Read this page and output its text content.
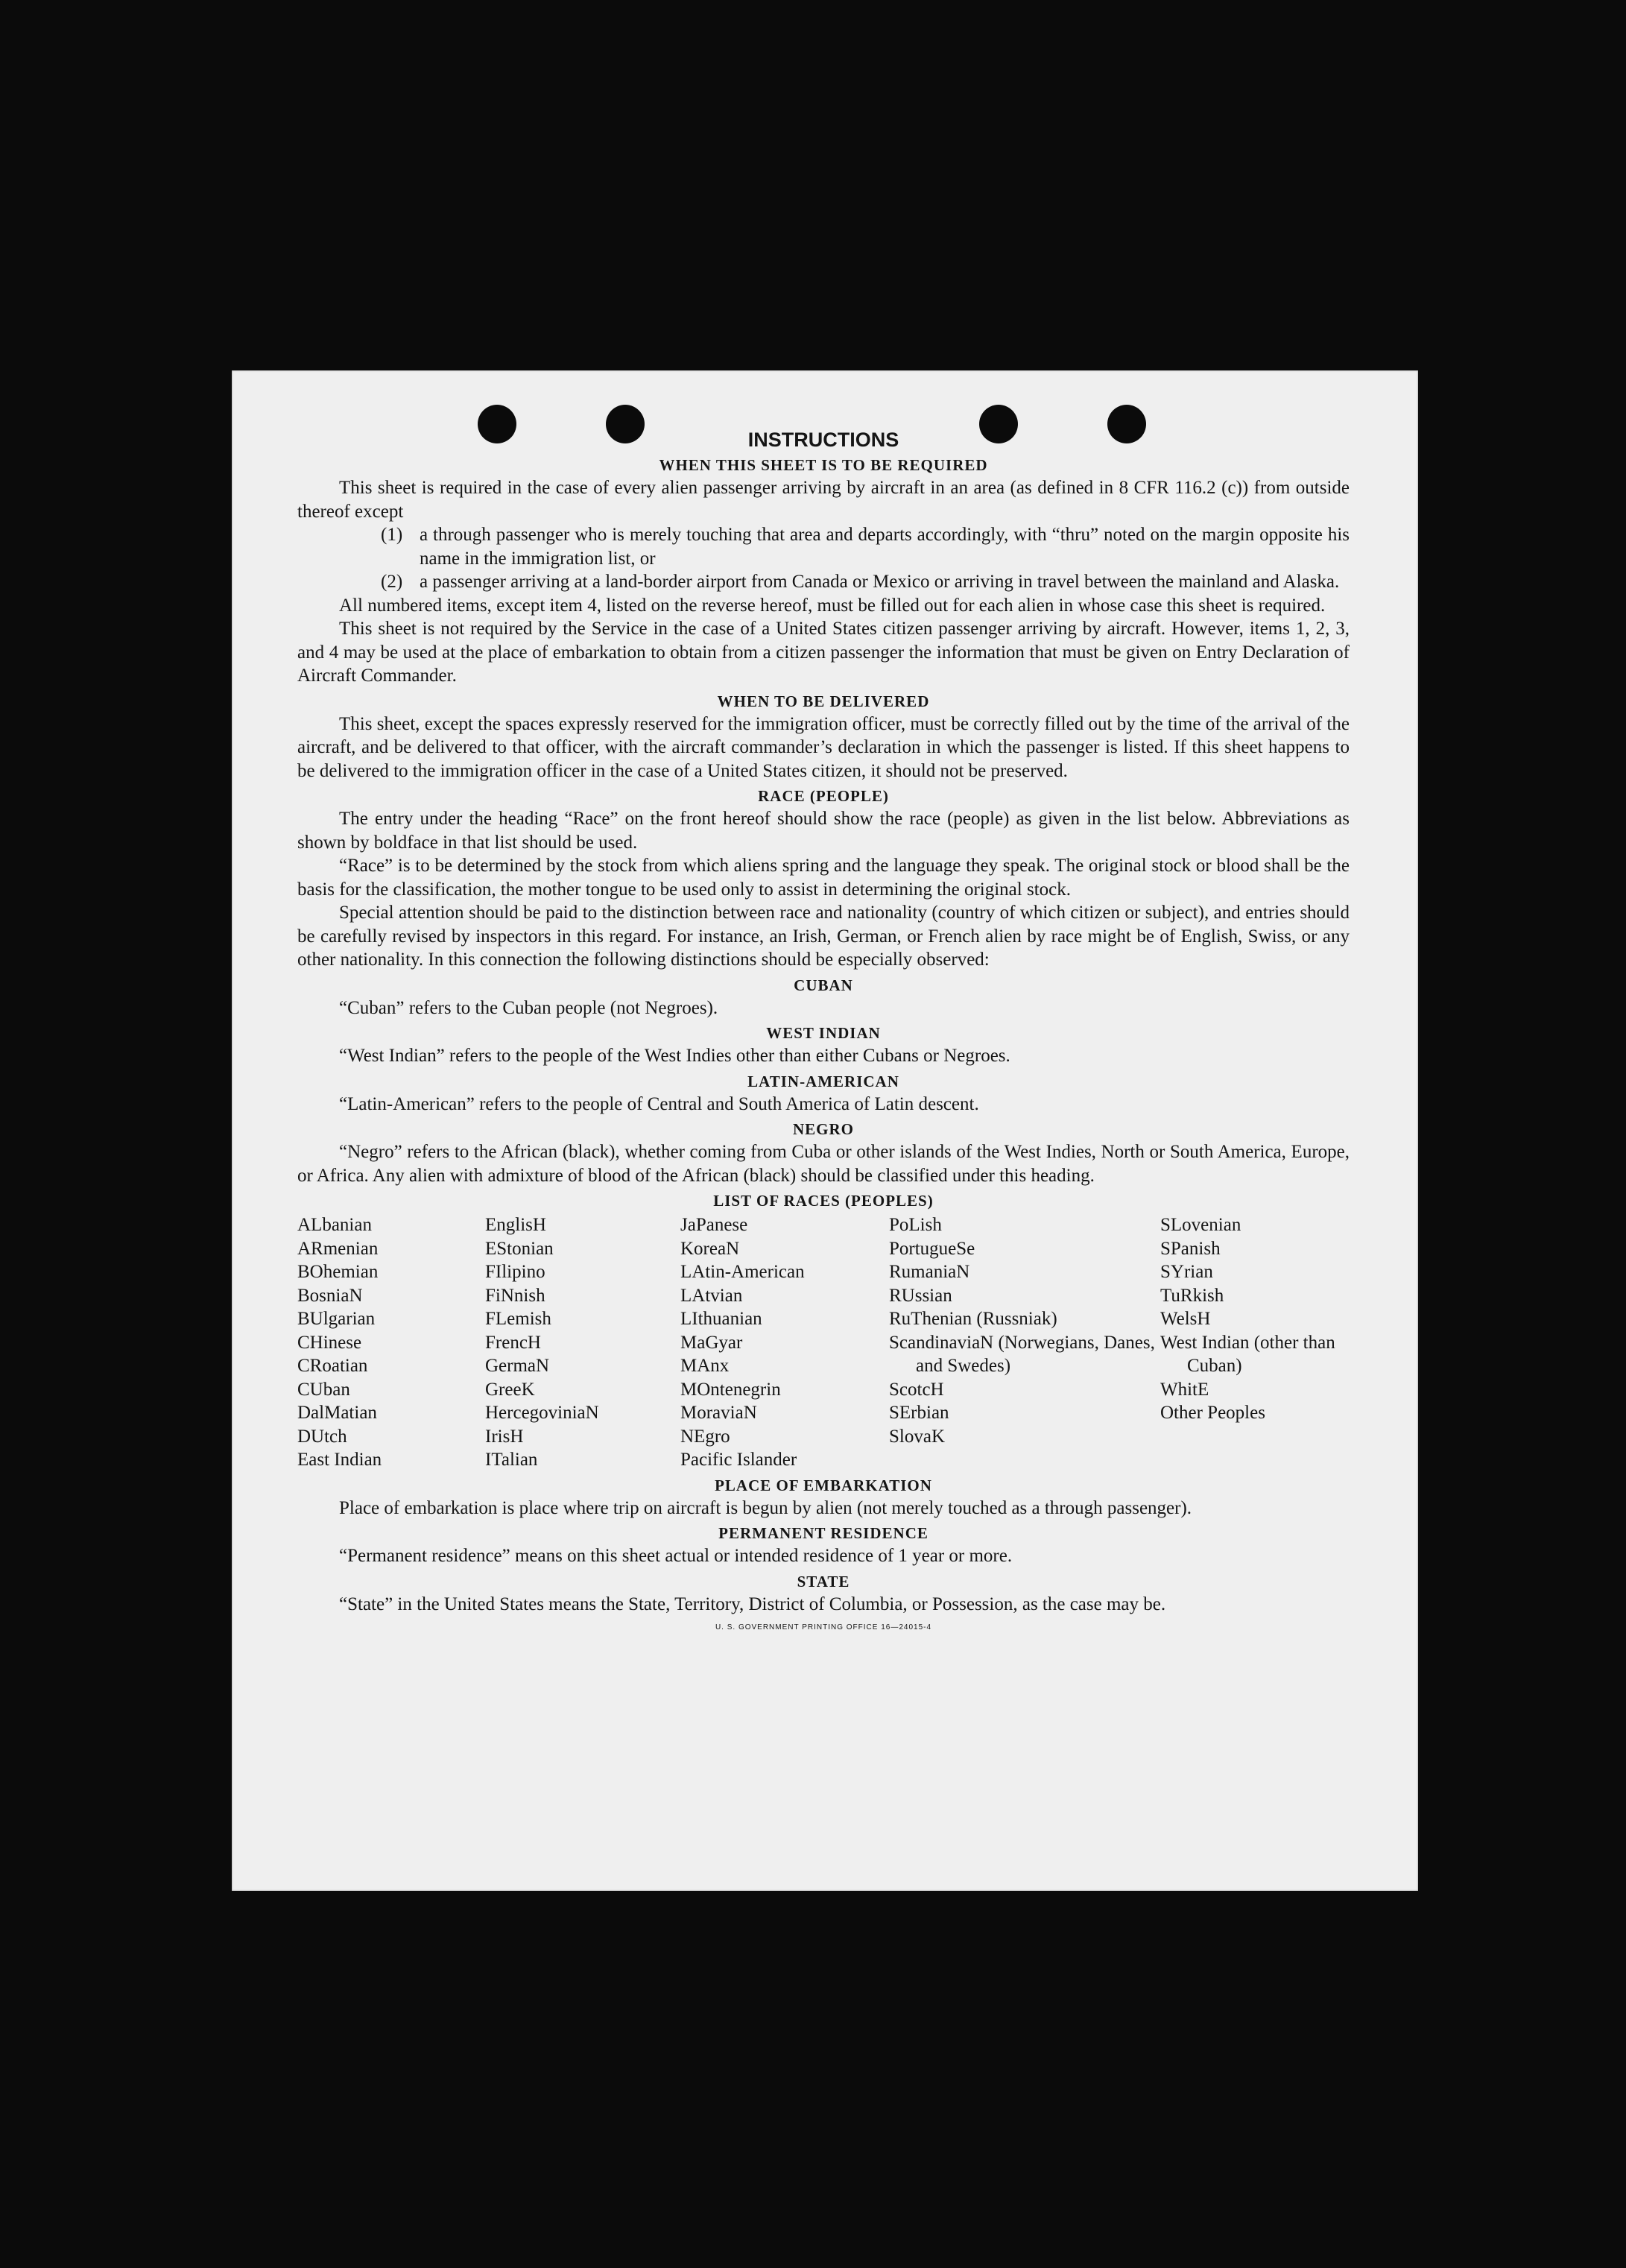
INSTRUCTIONS
WHEN THIS SHEET IS TO BE REQUIRED

This sheet is required in the case of every alien passenger arriving by aircraft in an area (as defined in 8 CFR 116.2 (c)) from outside thereof except

(1) a through passenger who is merely touching that area and departs accordingly, with “thru” noted on the margin opposite his name in the immigration list, or
(2) a passenger arriving at a land-border airport from Canada or Mexico or arriving in travel between the mainland and Alaska.

All numbered items, except item 4, listed on the reverse hereof, must be filled out for each alien in whose case this sheet is required.

This sheet is not required by the Service in the case of a United States citizen passenger arriving by aircraft. However, items 1, 2, 3, and 4 may be used at the place of embarkation to obtain from a citizen passenger the information that must be given on Entry Declaration of Aircraft Commander.

WHEN TO BE DELIVERED

This sheet, except the spaces expressly reserved for the immigration officer, must be correctly filled out by the time of the arrival of the aircraft, and be delivered to that officer, with the aircraft commander’s declaration in which the passenger is listed. If this sheet happens to be delivered to the immigration officer in the case of a United States citizen, it should not be preserved.

RACE (PEOPLE)

The entry under the heading “Race” on the front hereof should show the race (people) as given in the list below. Abbreviations as shown by boldface in that list should be used.

“Race” is to be determined by the stock from which aliens spring and the language they speak. The original stock or blood shall be the basis for the classification, the mother tongue to be used only to assist in determining the original stock.

Special attention should be paid to the distinction between race and nationality (country of which citizen or subject), and entries should be carefully revised by inspectors in this regard. For instance, an Irish, German, or French alien by race might be of English, Swiss, or any other nationality. In this connection the following distinctions should be especially observed:

CUBAN

“Cuban” refers to the Cuban people (not Negroes).

WEST INDIAN

“West Indian” refers to the people of the West Indies other than either Cubans or Negroes.

LATIN-AMERICAN

“Latin-American” refers to the people of Central and South America of Latin descent.

NEGRO

“Negro” refers to the African (black), whether coming from Cuba or other islands of the West Indies, North or South America, Europe, or Africa. Any alien with admixture of blood of the African (black) should be classified under this heading.

LIST OF RACES (PEOPLES)
ALbanian
ARmenian
BOhemian
BosniaN
BUlgarian
CHinese
CRoatian
CUban
DalMatian
DUtch
East Indian
EnglisH
EStonian
FIlipino
FiNnish
FLemish
FrencH
GermaN
GreeK
HercegoviniaN
IrisH
ITalian
JaPanese
KoreaN
LAtin-American
LAtvian
LIthuanian
MaGyar
MAnx
MOntenegrin
MoraviaN
NEgro
Pacific Islander
PoLish
PortugueSe
RumaniaN
RUssian
RuThenian (Russniak)
ScandinaviaN (Norwegians, Danes, and Swedes)
ScotcH
SErbian
SlovaK
SLovenian
SPanish
SYrian
TuRkish
WelsH
West Indian (other than Cuban)
WhitE
Other Peoples
PLACE OF EMBARKATION

Place of embarkation is place where trip on aircraft is begun by alien (not merely touched as a through passenger).

PERMANENT RESIDENCE

“Permanent residence” means on this sheet actual or intended residence of 1 year or more.

STATE

“State” in the United States means the State, Territory, District of Columbia, or Possession, as the case may be.

U. S. GOVERNMENT PRINTING OFFICE 16—24015-4
